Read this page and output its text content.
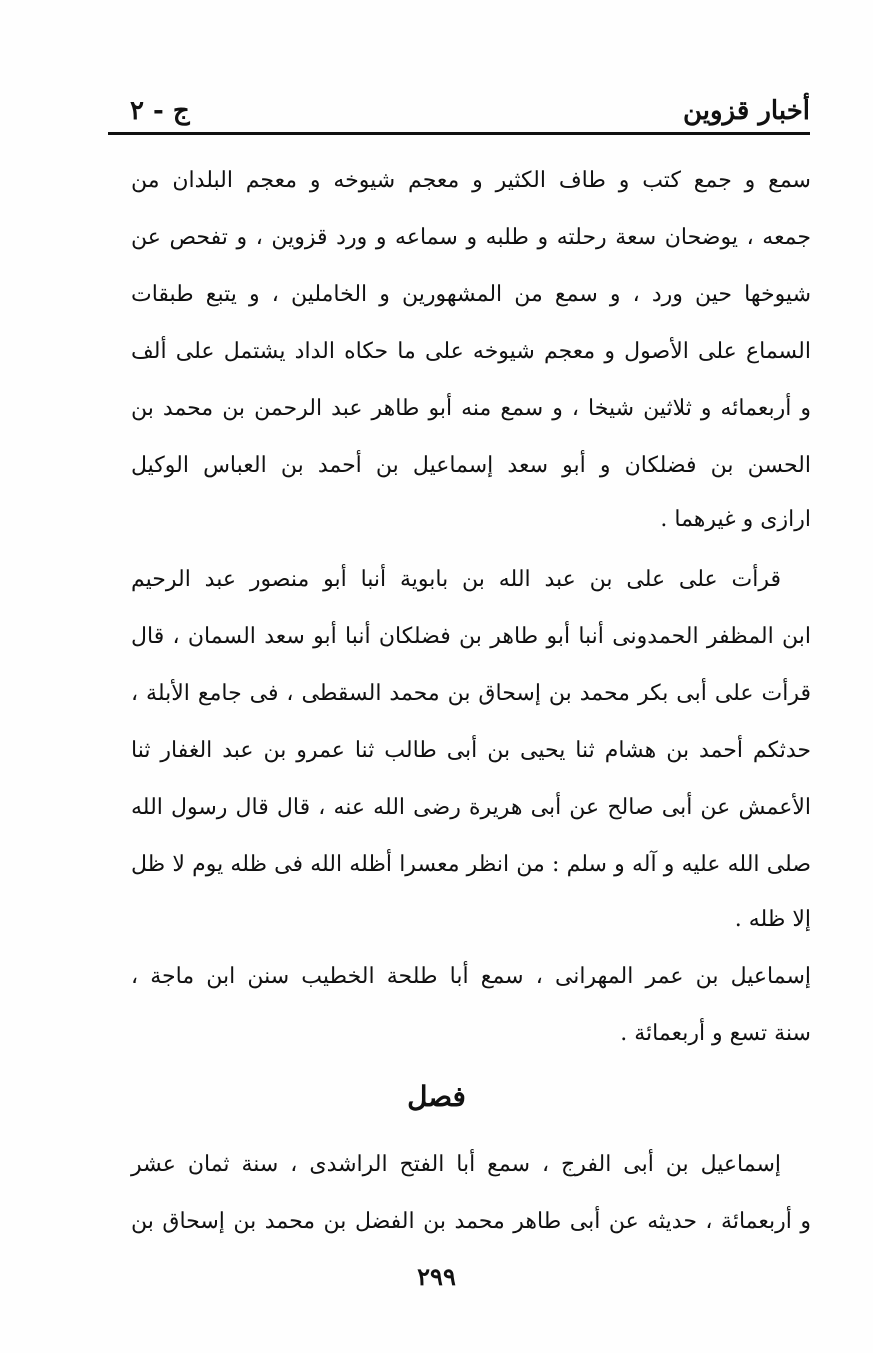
أخبار قزوين
ج - ٢
سمع و جمع كتب و طاف الكثير و معجم شيوخه و معجم البلدان من
جمعه ، يوضحان سعة رحلته و طلبه و سماعه و ورد قزوين ، و تفحص عن
شيوخها حين ورد ، و سمع من المشهورين و الخاملين ، و يتبع طبقات
السماع على الأصول و معجم شيوخه على ما حكاه الداد يشتمل على ألف
و أربعمائه و ثلاثين شيخا ، و سمع منه أبو طاهر عبد الرحمن بن محمد بن
الحسن بن فضلكان و أبو سعد إسماعيل بن أحمد بن العباس الوكيل
ارازى و غيرهما .
قرأت على على بن عبد الله بن بابوية أنبا أبو منصور عبد الرحيم
ابن المظفر الحمدونى أنبا أبو طاهر بن فضلكان أنبا أبو سعد السمان ، قال
قرأت على أبى بكر محمد بن إسحاق بن محمد السقطى ، فى جامع الأبلة ،
حدثكم أحمد بن هشام ثنا يحيى بن أبى طالب ثنا عمرو بن عبد الغفار ثنا
الأعمش عن أبى صالح عن أبى هريرة رضى الله عنه ، قال قال رسول الله
صلى الله عليه و آله و سلم : من انظر معسرا أظله الله فى ظله يوم لا ظل
إلا ظله .
إسماعيل بن عمر المهرانى ، سمع أبا طلحة الخطيب سنن ابن ماجة ،
سنة تسع و أربعمائة .
فصل
إسماعيل بن أبى الفرج ، سمع أبا الفتح الراشدى ، سنة ثمان عشر
و أربعمائة ، حديثه عن أبى طاهر محمد بن الفضل بن محمد بن إسحاق بن
٢٩٩
